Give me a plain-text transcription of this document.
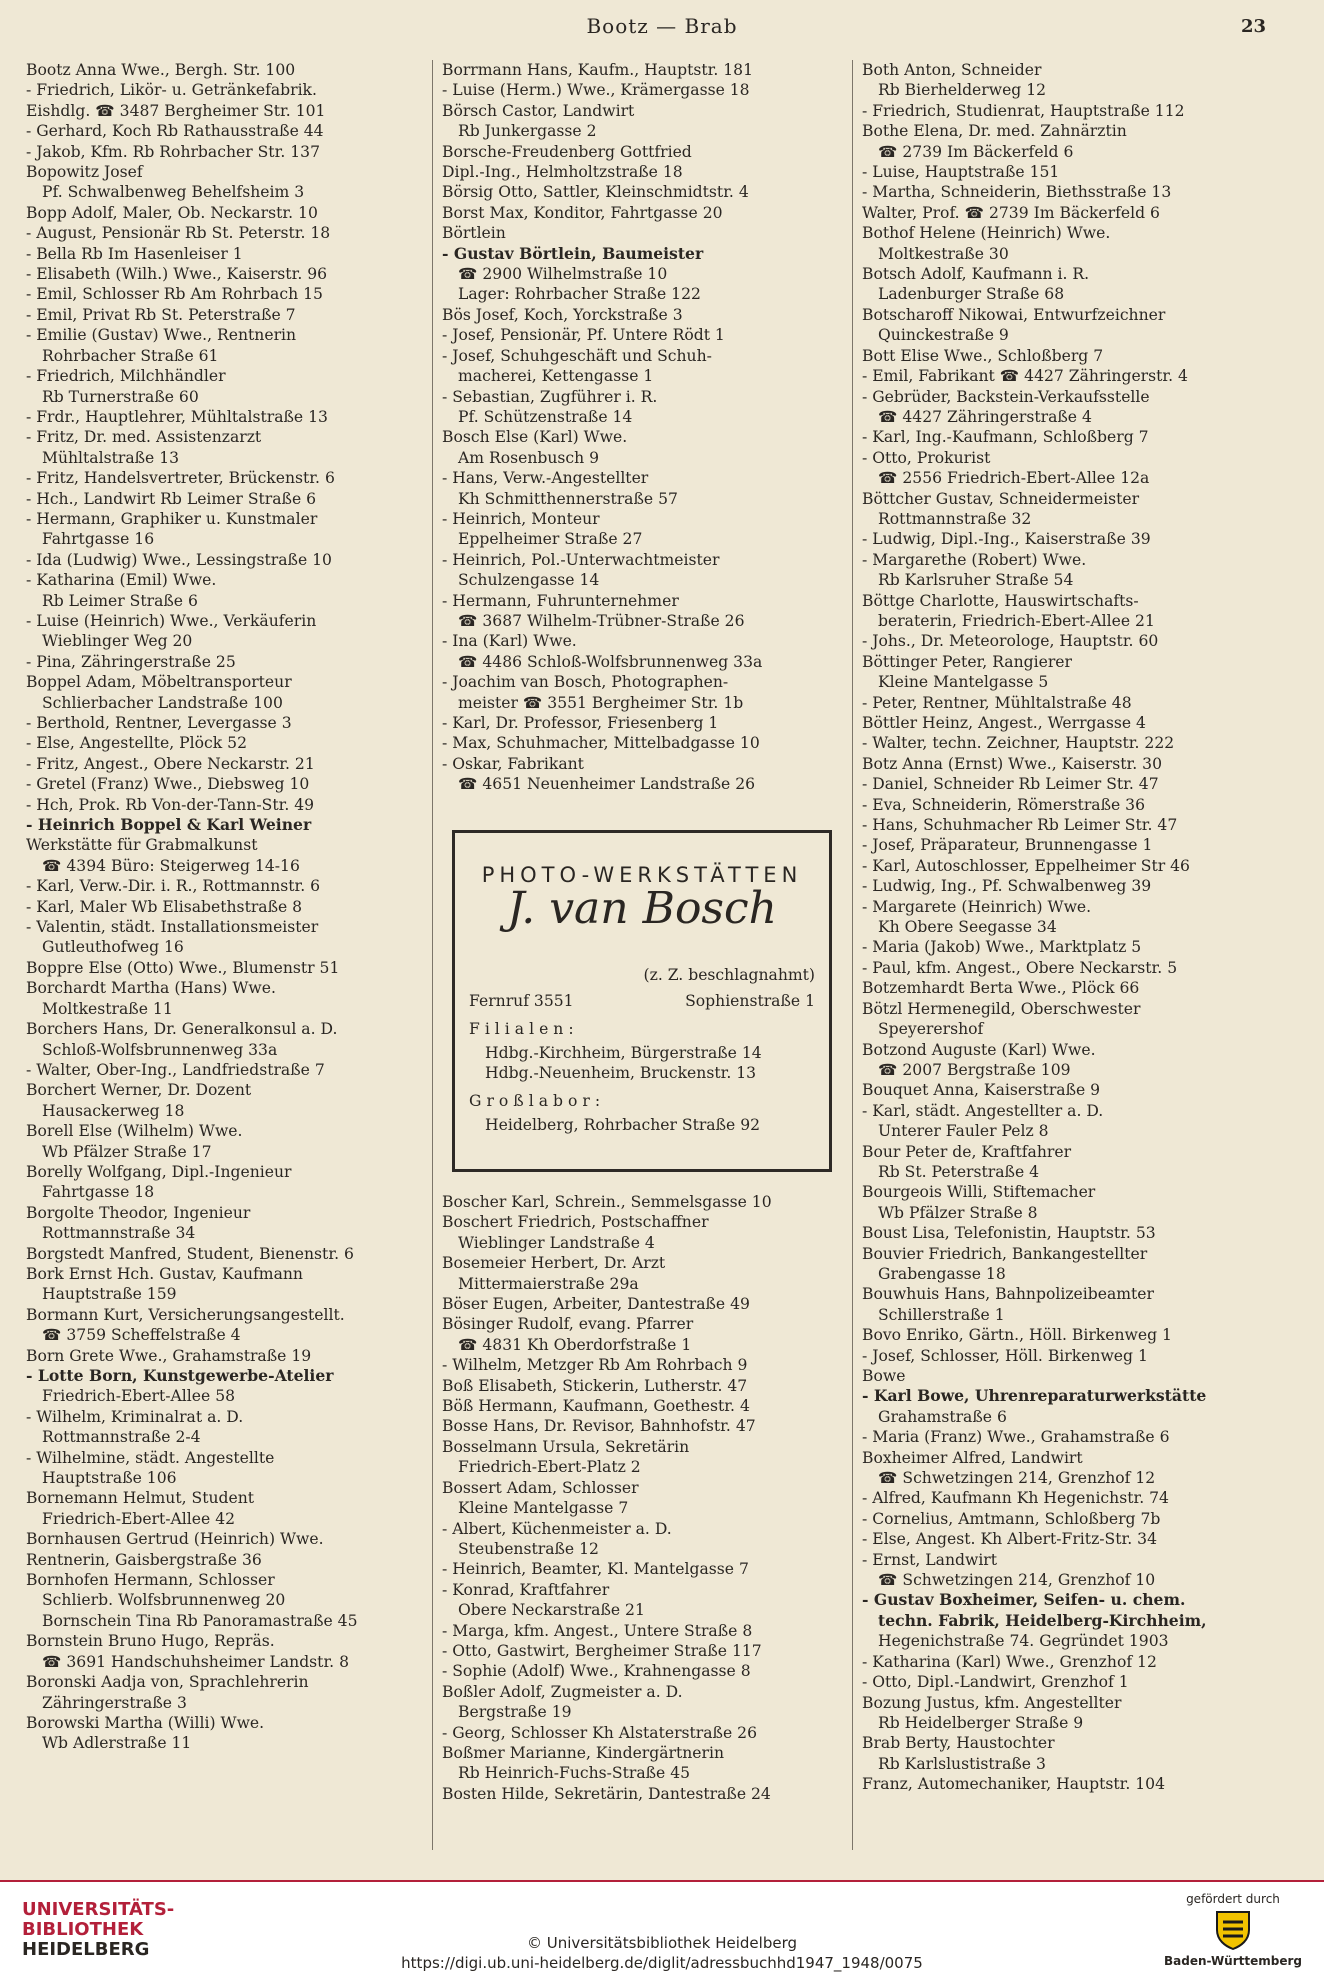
Bootz — Brab	23

Bootz Anna Wwe., Bergh. Str. 100

- Friedrich, Likör- u. Getränkefabrik.

Eishdlg. ☎ 3487 Bergheimer Str. 101

- Gerhard, Koch Rb Rathausstraße 44

- Jakob, Kfm. Rb Rohrbacher Str. 137

Bopowitz Josef

Pf. Schwalbenweg Behelfsheim 3

Bopp Adolf, Maler, Ob. Neckarstr. 10

- August, Pensionär Rb St. Peterstr. 18

- Bella Rb Im Hasenleiser 1

- Elisabeth (Wilh.) Wwe., Kaiserstr. 96

- Emil, Schlosser Rb Am Rohrbach 15

- Emil, Privat Rb St. Peterstraße 7

- Emilie (Gustav) Wwe., Rentnerin

Rohrbacher Straße 61

- Friedrich, Milchhändler

Rb Turnerstraße 60

- Frdr., Hauptlehrer, Mühltalstraße 13

- Fritz, Dr. med. Assistenzarzt

Mühltalstraße 13

- Fritz, Handelsvertreter, Brückenstr. 6

- Hch., Landwirt Rb Leimer Straße 6

- Hermann, Graphiker u. Kunstmaler

Fahrtgasse 16

- Ida (Ludwig) Wwe., Lessingstraße 10

- Katharina (Emil) Wwe.

Rb Leimer Straße 6

- Luise (Heinrich) Wwe., Verkäuferin

Wieblinger Weg 20

- Pina, Zähringerstraße 25

Boppel Adam, Möbeltransporteur

Schlierbacher Landstraße 100

- Berthold, Rentner, Levergasse 3

- Else, Angestellte, Plöck 52

- Fritz, Angest., Obere Neckarstr. 21

- Gretel (Franz) Wwe., Diebsweg 10

- Hch, Prok. Rb Von-der-Tann-Str. 49

- Heinrich Boppel & Karl Weiner

Werkstätte für Grabmalkunst

☎ 4394 Büro: Steigerweg 14-16

- Karl, Verw.-Dir. i. R., Rottmannstr. 6

- Karl, Maler Wb Elisabethstraße 8

- Valentin, städt. Installationsmeister

Gutleuthofweg 16

Boppre Else (Otto) Wwe., Blumenstr 51

Borchardt Martha (Hans) Wwe.

Moltkestraße 11

Borchers Hans, Dr. Generalkonsul a. D.

Schloß-Wolfsbrunnenweg 33a

- Walter, Ober-Ing., Landfriedstraße 7

Borchert Werner, Dr. Dozent

Hausackerweg 18

Borell Else (Wilhelm) Wwe.

Wb Pfälzer Straße 17

Borelly Wolfgang, Dipl.-Ingenieur

Fahrtgasse 18

Borgolte Theodor, Ingenieur

Rottmannstraße 34

Borgstedt Manfred, Student, Bienenstr. 6

Bork Ernst Hch. Gustav, Kaufmann

Hauptstraße 159

Bormann Kurt, Versicherungsangestellt.

☎ 3759 Scheffelstraße 4

Born Grete Wwe., Grahamstraße 19

- Lotte Born, Kunstgewerbe-Atelier

Friedrich-Ebert-Allee 58

- Wilhelm, Kriminalrat a. D.

Rottmannstraße 2-4

- Wilhelmine, städt. Angestellte

Hauptstraße 106

Bornemann Helmut, Student

Friedrich-Ebert-Allee 42

Bornhausen Gertrud (Heinrich) Wwe.

Rentnerin, Gaisbergstraße 36

Bornhofen Hermann, Schlosser

Schlierb. Wolfsbrunnenweg 20

Bornschein Tina Rb Panoramastraße 45

Bornstein Bruno Hugo, Repräs.

☎ 3691 Handschuhsheimer Landstr. 8

Boronski Aadja von, Sprachlehrerin

Zähringerstraße 3

Borowski Martha (Willi) Wwe.

Wb Adlerstraße 11

Borrmann Hans, Kaufm., Hauptstr. 181

- Luise (Herm.) Wwe., Krämergasse 18

Börsch Castor, Landwirt

Rb Junkergasse 2

Borsche-Freudenberg Gottfried

Dipl.-Ing., Helmholtzstraße 18

Börsig Otto, Sattler, Kleinschmidtstr. 4

Borst Max, Konditor, Fahrtgasse 20

Börtlein

- Gustav Börtlein, Baumeister

☎ 2900 Wilhelmstraße 10

Lager: Rohrbacher Straße 122

Bös Josef, Koch, Yorckstraße 3

- Josef, Pensionär, Pf. Untere Rödt 1

- Josef, Schuhgeschäft und Schuh-

macherei, Kettengasse 1

- Sebastian, Zugführer i. R.

Pf. Schützenstraße 14

Bosch Else (Karl) Wwe.

Am Rosenbusch 9

- Hans, Verw.-Angestellter

Kh Schmitthennerstraße 57

- Heinrich, Monteur

Eppelheimer Straße 27

- Heinrich, Pol.-Unterwachtmeister

Schulzengasse 14

- Hermann, Fuhrunternehmer

☎ 3687 Wilhelm-Trübner-Straße 26

- Ina (Karl) Wwe.

☎ 4486 Schloß-Wolfsbrunnenweg 33a

- Joachim van Bosch, Photographen-

meister ☎ 3551 Bergheimer Str. 1b

- Karl, Dr. Professor, Friesenberg 1

- Max, Schuhmacher, Mittelbadgasse 10

- Oskar, Fabrikant

☎ 4651 Neuenheimer Landstraße 26

Boscher Karl, Schrein., Semmelsgasse 10

Boschert Friedrich, Postschaffner

Wieblinger Landstraße 4

Bosemeier Herbert, Dr. Arzt

Mittermaierstraße 29a

Böser Eugen, Arbeiter, Dantestraße 49

Bösinger Rudolf, evang. Pfarrer

☎ 4831 Kh Oberdorfstraße 1

- Wilhelm, Metzger Rb Am Rohrbach 9

Boß Elisabeth, Stickerin, Lutherstr. 47

Böß Hermann, Kaufmann, Goethestr. 4

Bosse Hans, Dr. Revisor, Bahnhofstr. 47

Bosselmann Ursula, Sekretärin

Friedrich-Ebert-Platz 2

Bossert Adam, Schlosser

Kleine Mantelgasse 7

- Albert, Küchenmeister a. D.

Steubenstraße 12

- Heinrich, Beamter, Kl. Mantelgasse 7

- Konrad, Kraftfahrer

Obere Neckarstraße 21

- Marga, kfm. Angest., Untere Straße 8

- Otto, Gastwirt, Bergheimer Straße 117

- Sophie (Adolf) Wwe., Krahnengasse 8

Boßler Adolf, Zugmeister a. D.

Bergstraße 19

- Georg, Schlosser Kh Alstaterstraße 26

Boßmer Marianne, Kindergärtnerin

Rb Heinrich-Fuchs-Straße 45

Bosten Hilde, Sekretärin, Dantestraße 24

Both Anton, Schneider

Rb Bierhelderweg 12

- Friedrich, Studienrat, Hauptstraße 112

Bothe Elena, Dr. med. Zahnärztin

☎ 2739 Im Bäckerfeld 6

- Luise, Hauptstraße 151

- Martha, Schneiderin, Biethsstraße 13

Walter, Prof. ☎ 2739 Im Bäckerfeld 6

Bothof Helene (Heinrich) Wwe.

Moltkestraße 30

Botsch Adolf, Kaufmann i. R.

Ladenburger Straße 68

Botscharoff Nikowai, Entwurfzeichner

Quinckestraße 9

Bott Elise Wwe., Schloßberg 7

- Emil, Fabrikant ☎ 4427 Zähringerstr. 4

- Gebrüder, Backstein-Verkaufsstelle

☎ 4427 Zähringerstraße 4

- Karl, Ing.-Kaufmann, Schloßberg 7

- Otto, Prokurist

☎ 2556 Friedrich-Ebert-Allee 12a

Böttcher Gustav, Schneidermeister

Rottmannstraße 32

- Ludwig, Dipl.-Ing., Kaiserstraße 39

- Margarethe (Robert) Wwe.

Rb Karlsruher Straße 54

Böttge Charlotte, Hauswirtschafts-

beraterin, Friedrich-Ebert-Allee 21

- Johs., Dr. Meteorologe, Hauptstr. 60

Böttinger Peter, Rangierer

Kleine Mantelgasse 5

- Peter, Rentner, Mühltalstraße 48

Böttler Heinz, Angest., Werrgasse 4

- Walter, techn. Zeichner, Hauptstr. 222

Botz Anna (Ernst) Wwe., Kaiserstr. 30

- Daniel, Schneider Rb Leimer Str. 47

- Eva, Schneiderin, Römerstraße 36

- Hans, Schuhmacher Rb Leimer Str. 47

- Josef, Präparateur, Brunnengasse 1

- Karl, Autoschlosser, Eppelheimer Str 46

- Ludwig, Ing., Pf. Schwalbenweg 39

- Margarete (Heinrich) Wwe.

Kh Obere Seegasse 34

- Maria (Jakob) Wwe., Marktplatz 5

- Paul, kfm. Angest., Obere Neckarstr. 5

Botzemhardt Berta Wwe., Plöck 66

Bötzl Hermenegild, Oberschwester

Speyerershof

Botzond Auguste (Karl) Wwe.

☎ 2007 Bergstraße 109

Bouquet Anna, Kaiserstraße 9

- Karl, städt. Angestellter a. D.

Unterer Fauler Pelz 8

Bour Peter de, Kraftfahrer

Rb St. Peterstraße 4

Bourgeois Willi, Stiftemacher

Wb Pfälzer Straße 8

Boust Lisa, Telefonistin, Hauptstr. 53

Bouvier Friedrich, Bankangestellter

Grabengasse 18

Bouwhuis Hans, Bahnpolizeibeamter

Schillerstraße 1

Bovo Enriko, Gärtn., Höll. Birkenweg 1

- Josef, Schlosser, Höll. Birkenweg 1

Bowe

- Karl Bowe, Uhrenreparaturwerkstätte

Grahamstraße 6

- Maria (Franz) Wwe., Grahamstraße 6

Boxheimer Alfred, Landwirt

☎ Schwetzingen 214, Grenzhof 12

- Alfred, Kaufmann Kh Hegenichstr. 74

- Cornelius, Amtmann, Schloßberg 7b

- Else, Angest. Kh Albert-Fritz-Str. 34

- Ernst, Landwirt

☎ Schwetzingen 214, Grenzhof 10

- Gustav Boxheimer, Seifen- u. chem.

techn. Fabrik, Heidelberg-Kirchheim,

Hegenichstraße 74. Gegründet 1903

- Katharina (Karl) Wwe., Grenzhof 12

- Otto, Dipl.-Landwirt, Grenzhof 1

Bozung Justus, kfm. Angestellter

Rb Heidelberger Straße 9

Brab Berty, Haustochter

Rb Karlslustistraße 3

Franz, Automechaniker, Hauptstr. 104

PHOTO-WERKSTÄTTEN
J. van Bosch
(z. Z. beschlagnahmt)
Fernruf 3551	Sophienstraße 1
Filialen:
Hdbg.-Kirchheim, Bürgerstraße 14
Hdbg.-Neuenheim, Bruckenstr. 13
Großlabor:
Heidelberg, Rohrbacher Straße 92
UNIVERSITÄTS-
BIBLIOTHEK
HEIDELBERG	© Universitätsbibliothek Heidelberg
https://digi.ub.uni-heidelberg.de/diglit/adressbuchhd1947_1948/0075
gefördert durch
Baden-Württemberg
